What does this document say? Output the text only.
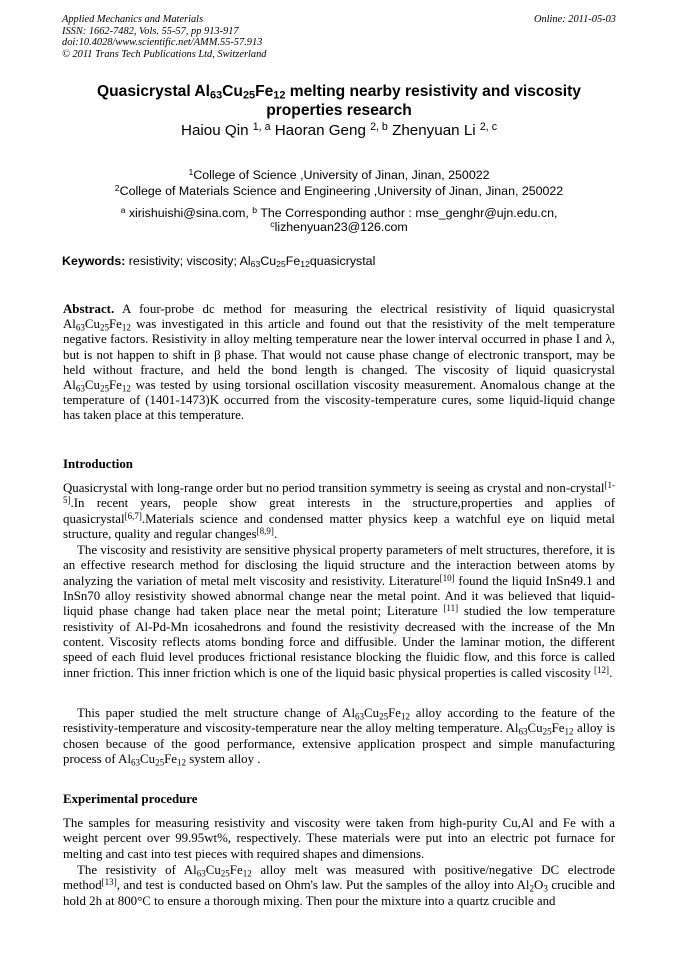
Applied Mechanics and Materials
ISSN: 1662-7482, Vols. 55-57, pp 913-917
doi:10.4028/www.scientific.net/AMM.55-57.913
© 2011 Trans Tech Publications Ltd, Switzerland
Online: 2011-05-03
Quasicrystal $Al_{63}Cu_{25}Fe_{12}$ melting nearby resistivity and viscosity
properties research
Haiou Qin $^{1, a}$ Haoran Geng $^{2, b}$ Zhenyuan Li $^{2, c}$
$^1$College of Science ,University of Jinan, Jinan, 250022
$^2$College of Materials Science and Engineering ,University of Jinan, Jinan, 250022
$^a$ xirishuishi@sina.com, $^b$ The Corresponding author : mse_genghr@ujn.edu.cn,
$^c$lizhenyuan23@126.com
Keywords: resistivity; viscosity; $Al_{63}Cu_{25}Fe_{12}quasicrystal$
Abstract. A four-probe dc method for measuring the electrical resistivity of liquid quasicrystal $Al_{63}Cu_{25}Fe_{12}$ was investigated in this article and found out that the resistivity of the melt temperature negative factors. Resistivity in alloy melting temperature near the lower interval occurred in phase I and λ, but is not happen to shift in β phase. That would not cause phase change of electronic transport, may be held without fracture, and held the bond length is changed. The viscosity of liquid quasicrystal $Al_{63}Cu_{25}Fe_{12}$ was tested by using torsional oscillation viscosity measurement. Anomalous change at the temperature of (1401-1473)K occurred from the viscosity-temperature cures, some liquid-liquid change has taken place at this temperature.
Introduction
Quasicrystal with long-range order but no period transition symmetry is seeing as crystal and non-crystal[1-5].In recent years, people show great interests in the structure,properties and applies of quasicrystal[6,7].Materials science and condensed matter physics keep a watchful eye on liquid metal structure, quality and regular changes[8,9].
The viscosity and resistivity are sensitive physical property parameters of melt structures, therefore, it is an effective research method for disclosing the liquid structure and the interaction between atoms by analyzing the variation of metal melt viscosity and resistivity. Literature[10] found the liquid InSn49.1 and InSn70 alloy resistivity showed abnormal change near the metal point. And it was believed that liquid-liquid phase change had taken place near the metal point; Literature [11] studied the low temperature resistivity of Al-Pd-Mn icosahedrons and found the resistivity decreased with the increase of the Mn content. Viscosity reflects atoms bonding force and diffusible. Under the laminar motion, the different speed of each fluid level produces frictional resistance blocking the fluidic flow, and this force is called inner friction. This inner friction which is one of the liquid basic physical properties is called viscosity [12].
This paper studied the melt structure change of $Al_{63}Cu_{25}Fe_{12}$ alloy according to the feature of the resistivity-temperature and viscosity-temperature near the alloy melting temperature. $Al_{63}Cu_{25}Fe_{12}$ alloy is chosen because of the good performance, extensive application prospect and simple manufacturing process of $Al_{63}Cu_{25}Fe_{12}$ system alloy .
Experimental procedure
The samples for measuring resistivity and viscosity were taken from high-purity Cu,Al and Fe with a weight percent over 99.95wt%, respectively. These materials were put into an electric pot furnace for melting and cast into test pieces with required shapes and dimensions.
The resistivity of $Al_{63}Cu_{25}Fe_{12}$ alloy melt was measured with positive/negative DC electrode method[13], and test is conducted based on Ohm's law. Put the samples of the alloy into $Al_2O_3$ crucible and hold 2h at 800°C to ensure a thorough mixing. Then pour the mixture into a quartz crucible and
